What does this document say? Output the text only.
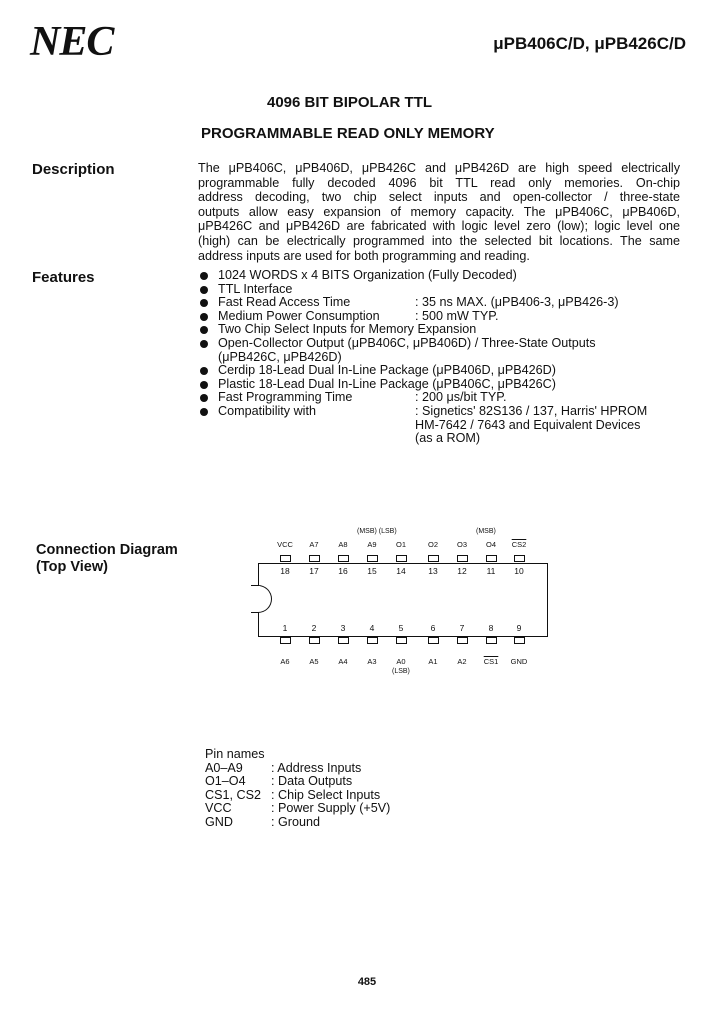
NEC	μPB406C/D, μPB426C/D
4096 BIT BIPOLAR TTL
PROGRAMMABLE READ ONLY MEMORY
Description	The μPB406C, μPB406D, μPB426C and μPB426D are high speed electrically
programmable fully decoded 4096 bit TTL read only memories. On-chip
address decoding, two chip select inputs and open-collector / three-state
outputs allow easy expansion of memory capacity. The μPB406C, μPB406D,
μPB426C and μPB426D are fabricated with logic level zero (low); logic level one
(high) can be electrically programmed into the selected bit locations. The same
address inputs are used for both programming and reading.
Features	1024 WORDS x 4 BITS Organization (Fully Decoded)
TTL Interface
Fast Read Access Time	: 35 ns MAX. (μPB406-3, μPB426-3)
Medium Power Consumption	: 500 mW TYP.
Two Chip Select Inputs for Memory Expansion
Open-Collector Output (μPB406C, μPB406D) / Three-State Outputs
(μPB426C, μPB426D)
Cerdip 18-Lead Dual In-Line Package (μPB406D, μPB426D)
Plastic 18-Lead Dual In-Line Package (μPB406C, μPB426C)
Fast Programming Time	: 200 μs/bit TYP.
Compatibility with	: Signetics' 82S136 / 137, Harris' HPROM
HM-7642 / 7643 and Equivalent Devices
(as a ROM)
Connection Diagram
(Top View)
(MSB) (LSB)	(MSB)
(LSB)
VCC
18
A7
17
A8
16
A9
15
O1
14
O2
13
O3
12
O4
11
CS2
10
1
A6
2
A5
3
A4
4
A3
5
A0
6
A1
7
A2
8
CS1
9
GND
Pin names
A0–A9 : Address Inputs
O1–O4 : Data Outputs
CS1, CS2 : Chip Select Inputs
VCC	: Power Supply (+5V)
GND	: Ground
485
